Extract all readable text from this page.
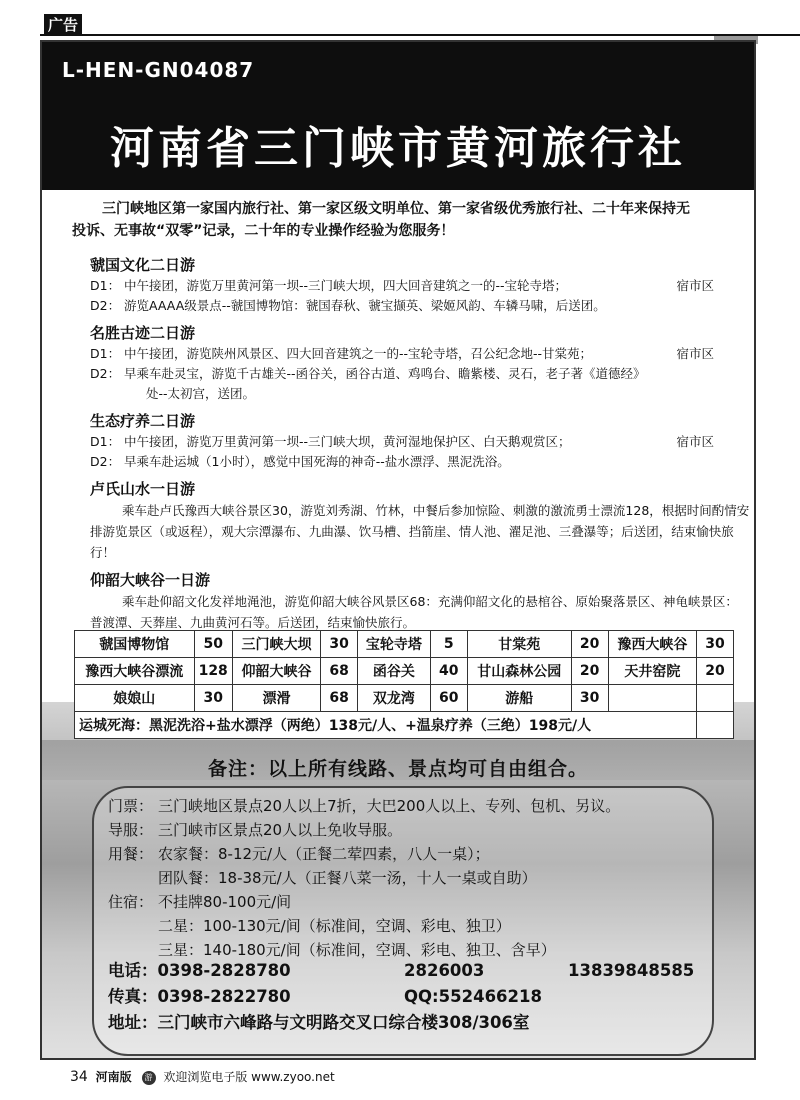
广告
L-HEN-GN04087
河南省三门峡市黄河旅行社

三门峡地区第一家国内旅行社、第一家区级文明单位、第一家省级优秀旅行社、二十年来保持无

投诉、无事故“双零”记录，二十年的专业操作经验为您服务！

虢国文化二日游
D1： 中午接团，游览万里黄河第一坝--三门峡大坝，四大回音建筑之一的--宝轮寺塔；	宿市区
D2： 游览AAAA级景点--虢国博物馆：虢国春秋、虢宝撷英、梁姬风韵、车辚马啸，后送团。
名胜古迹二日游
D1： 中午接团，游览陕州风景区、四大回音建筑之一的--宝轮寺塔，召公纪念地--甘棠苑；	宿市区
D2： 早乘车赴灵宝，游览千古雄关--函谷关，函谷古道、鸡鸣台、瞻紫楼、灵石，老子著《道德经》
处--太初宫，送团。
生态疗养二日游
D1： 中午接团，游览万里黄河第一坝--三门峡大坝，黄河湿地保护区、白天鹅观赏区；	宿市区
D2： 早乘车赴运城（1小时），感觉中国死海的神奇--盐水漂浮、黑泥洗浴。
卢氏山水一日游
乘车赴卢氏豫西大峡谷景区30，游览刘秀湖、竹林，中餐后参加惊险、刺激的激流勇士漂流128，根据时间酌情安排游览景区（或返程），观大宗潭瀑布、九曲瀑、饮马槽、挡箭崖、情人池、濯足池、三叠瀑等；后送团，结束愉快旅行！
仰韶大峡谷一日游
乘车赴仰韶文化发祥地渑池，游览仰韶大峡谷风景区68：充满仰韶文化的悬棺谷、原始聚落景区、神龟峡景区：普渡潭、天葬崖、九曲黄河石等。后送团，结束愉快旅行。
虢国博物馆	50	三门峡大坝	30	宝轮寺塔	5	甘棠苑	20	豫西大峡谷	30
豫西大峡谷漂流	128	仰韶大峡谷	68	函谷关	40	甘山森林公园	20	天井窑院	20
娘娘山	30	漂滑	68	双龙湾	60	游船	30		
运城死海：黑泥洗浴+盐水漂浮（两绝）138元/人、+温泉疗养（三绝）198元/人									
备注：以上所有线路、景点均可自由组合。
门票： 三门峡地区景点20人以上7折，大巴200人以上、专列、包机、另议。
导服： 三门峡市区景点20人以上免收导服。
用餐： 农家餐：8-12元/人（正餐二荤四素，八人一桌）；
团队餐：18-38元/人（正餐八菜一汤，十人一桌或自助）
住宿： 不挂牌80-100元/间
二星：100-130元/间（标准间，空调、彩电、独卫）
三星：140-180元/间（标准间，空调、彩电、独卫、含早）
电话：0398-2828780	2826003	13839848585
传真：0398-2822780	QQ:552466218
地址：三门峡市六峰路与文明路交叉口综合楼308/306室
34 河南版 游 欢迎浏览电子版 www.zyoo.net
